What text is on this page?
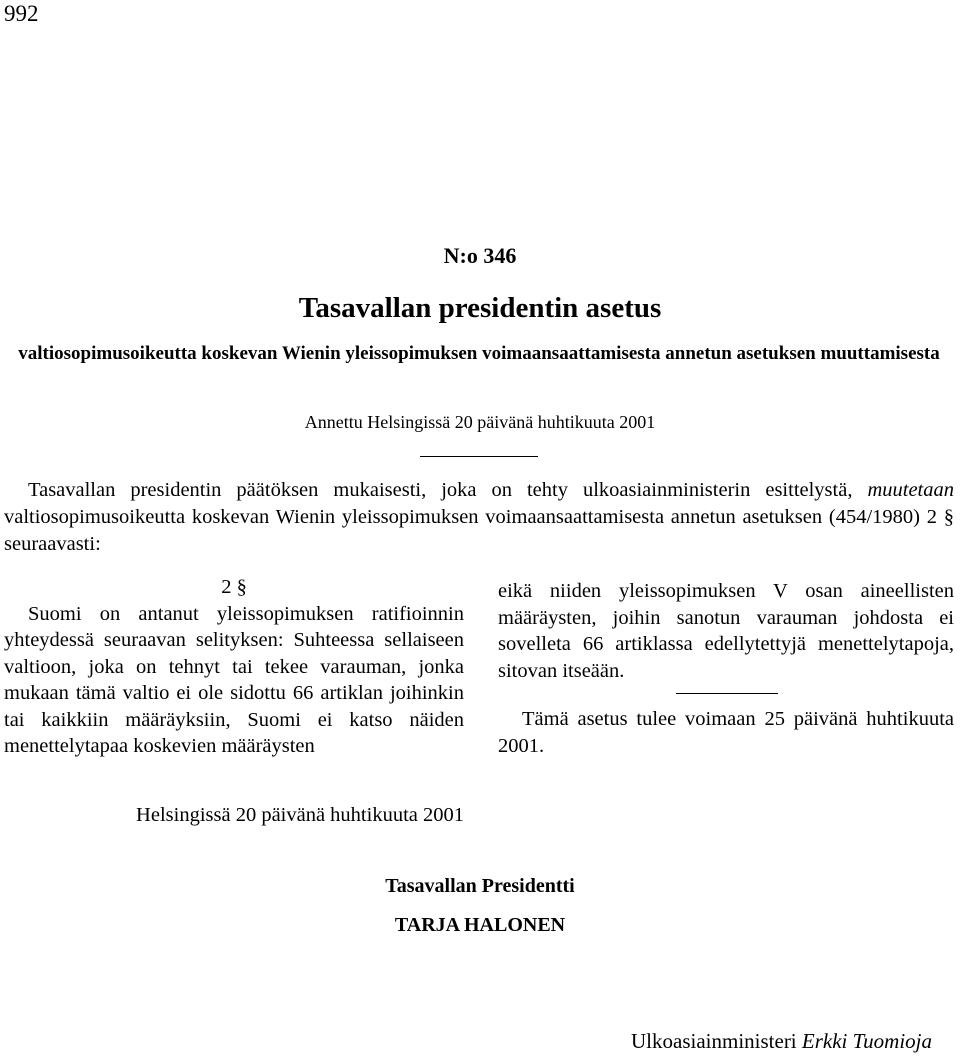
992
N:o 346
Tasavallan presidentin asetus
valtiosopimusoikeutta koskevan Wienin yleissopimuksen voimaansaattamisesta annetun asetuksen muuttamisesta
Annettu Helsingissä 20 päivänä huhtikuuta 2001
Tasavallan presidentin päätöksen mukaisesti, joka on tehty ulkoasiainministerin esittelystä, muutetaan valtiosopimusoikeutta koskevan Wienin yleissopimuksen voimaansaattamisesta annetun asetuksen (454/1980) 2 § seuraavasti:
2 §
Suomi on antanut yleissopimuksen ratifioinnin yhteydessä seuraavan selityksen: Suhteessa sellaiseen valtioon, joka on tehnyt tai tekee varauman, jonka mukaan tämä valtio ei ole sidottu 66 artiklan joihinkin tai kaikkiin määräyksiin, Suomi ei katso näiden menettelytapaa koskevien määräysten
eikä niiden yleissopimuksen V osan aineellisten määräysten, joihin sanotun varauman johdosta ei sovelleta 66 artiklassa edellytettyjä menettelytapoja, sitovan itseään.
Tämä asetus tulee voimaan 25 päivänä huhtikuuta 2001.
Helsingissä 20 päivänä huhtikuuta 2001
Tasavallan Presidentti
TARJA HALONEN
Ulkoasiainministeri Erkki Tuomioja
